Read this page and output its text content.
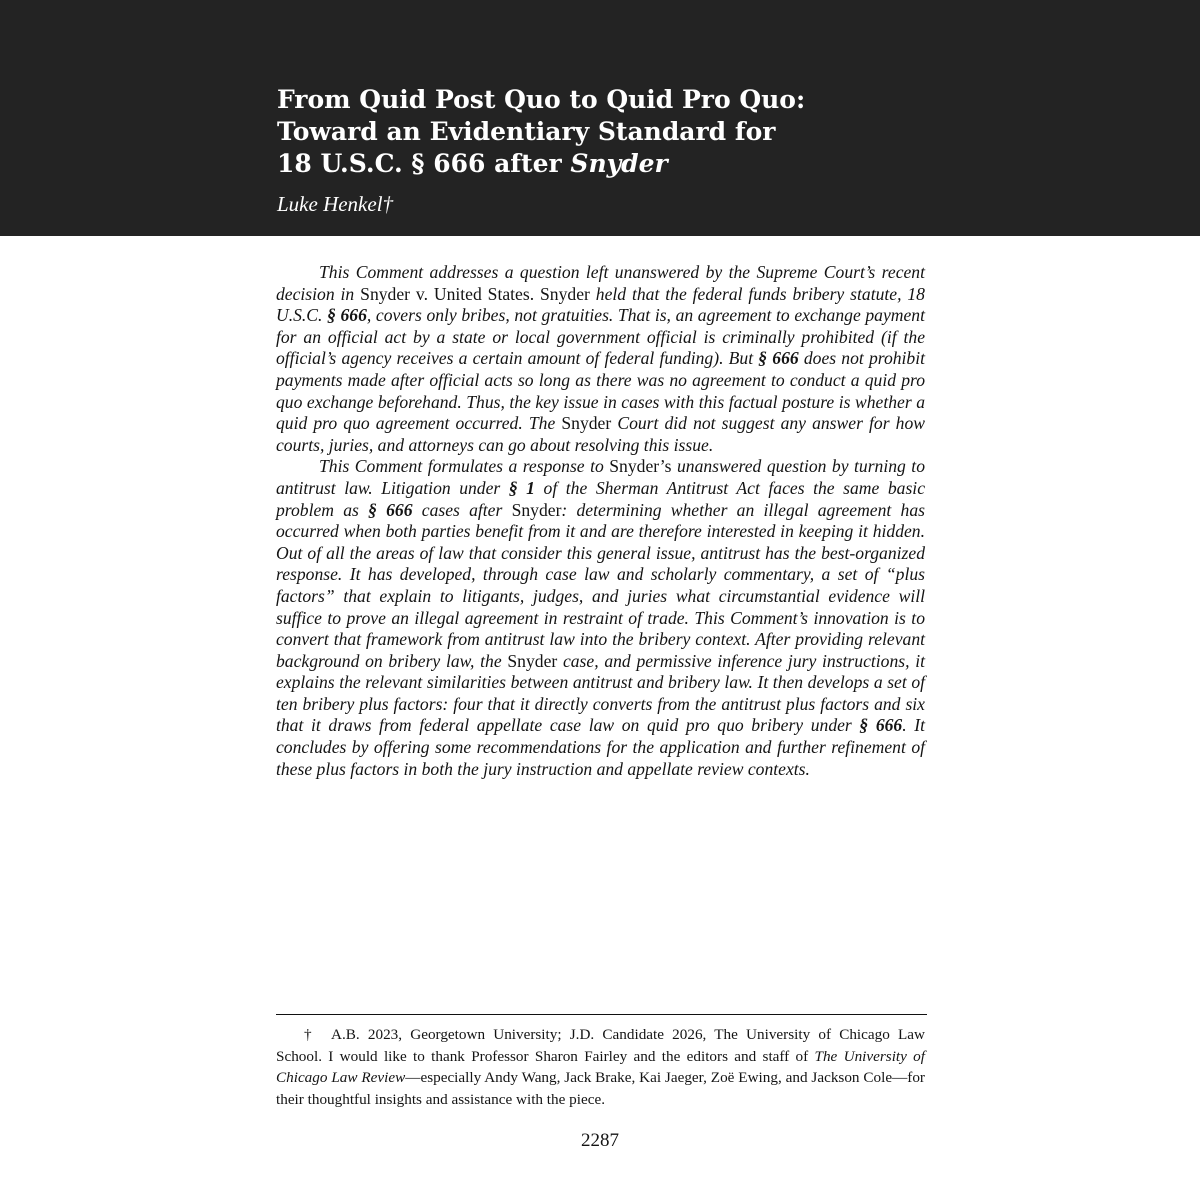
From Quid Post Quo to Quid Pro Quo:
Toward an Evidentiary Standard for
18 U.S.C. § 666 after Snyder

Luke Henkel†

This Comment addresses a question left unanswered by the Supreme Court’s recent decision in Snyder v. United States. Snyder held that the federal funds bribery statute, 18 U.S.C. § 666, covers only bribes, not gratuities. That is, an agreement to exchange payment for an official act by a state or local government official is criminally prohibited (if the official’s agency receives a certain amount of federal funding). But § 666 does not prohibit payments made after official acts so long as there was no agreement to conduct a quid pro quo exchange beforehand. Thus, the key issue in cases with this factual posture is whether a quid pro quo agreement occurred. The Snyder Court did not suggest any answer for how courts, juries, and attorneys can go about resolving this issue.

This Comment formulates a response to Snyder’s unanswered question by turning to antitrust law. Litigation under § 1 of the Sherman Antitrust Act faces the same basic problem as § 666 cases after Snyder: determining whether an illegal agreement has occurred when both parties benefit from it and are therefore interested in keeping it hidden. Out of all the areas of law that consider this general issue, antitrust has the best-organized response. It has developed, through case law and scholarly commentary, a set of “plus factors” that explain to litigants, judges, and juries what circumstantial evidence will suffice to prove an illegal agreement in restraint of trade. This Comment’s innovation is to convert that framework from antitrust law into the bribery context. After providing relevant background on bribery law, the Snyder case, and permissive inference jury instructions, it explains the relevant similarities between antitrust and bribery law. It then develops a set of ten bribery plus factors: four that it directly converts from the antitrust plus factors and six that it draws from federal appellate case law on quid pro quo bribery under § 666. It concludes by offering some recommendations for the application and further refinement of these plus factors in both the jury instruction and appellate review contexts.

† A.B. 2023, Georgetown University; J.D. Candidate 2026, The University of Chicago Law School. I would like to thank Professor Sharon Fairley and the editors and staff of The University of Chicago Law Review—especially Andy Wang, Jack Brake, Kai Jaeger, Zoë Ewing, and Jackson Cole—for their thoughtful insights and assistance with the piece.

2287
